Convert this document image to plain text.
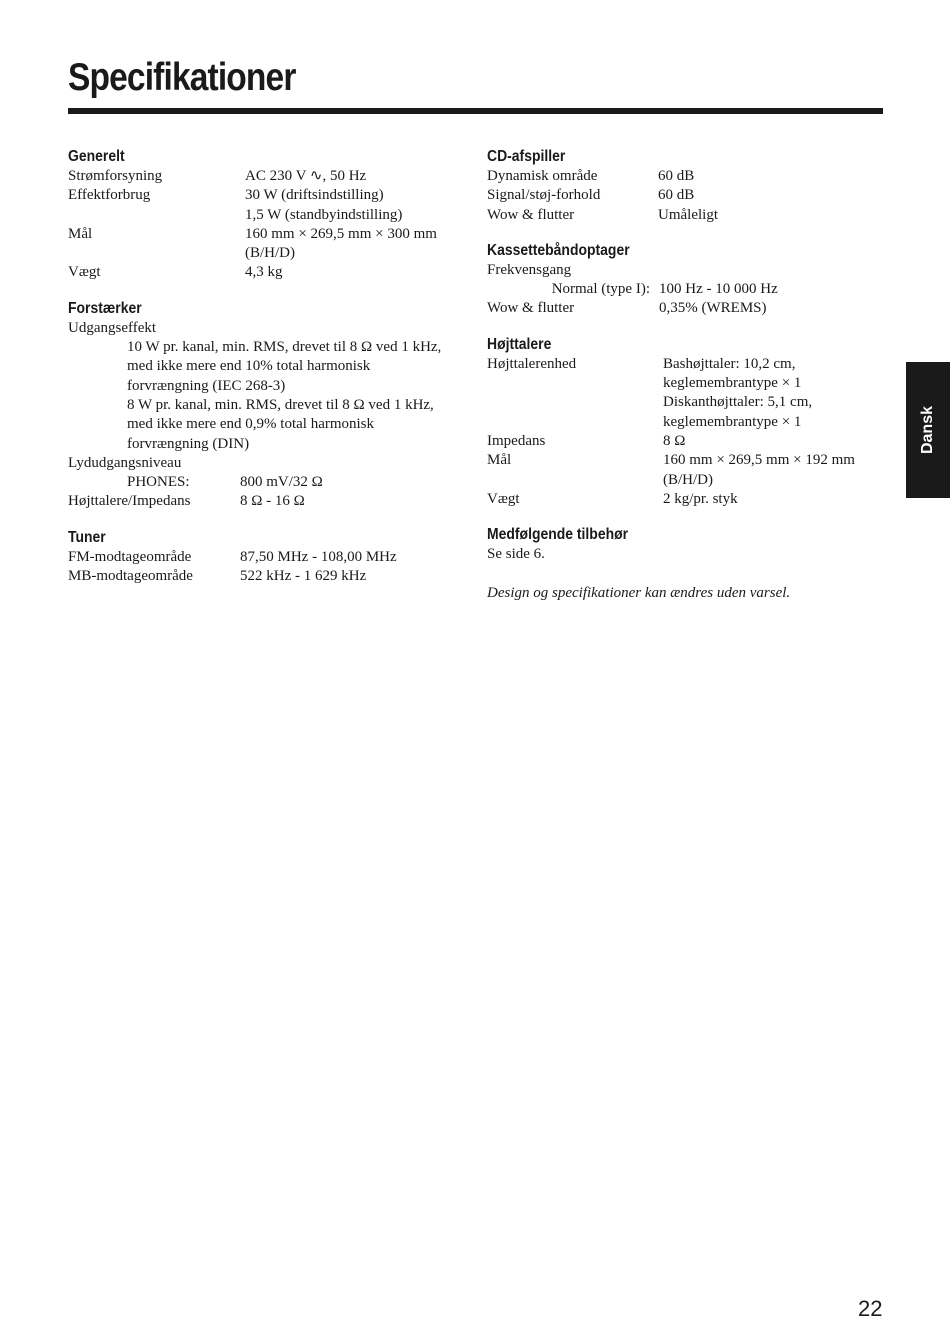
Specifikationer
Generelt
Strømforsyning	AC 230 V ∿, 50 Hz
Effektforbrug	30 W (driftsindstilling)
1,5 W (standbyindstilling)
Mål	160 mm × 269,5 mm × 300 mm
(B/H/D)
Vægt	4,3 kg
Forstærker
Udgangseffekt
10 W pr. kanal, min. RMS, drevet til 8 Ω ved 1 kHz,
med ikke mere end 10% total harmonisk
forvrængning (IEC 268-3)
8 W pr. kanal, min. RMS, drevet til 8 Ω ved 1 kHz,
med ikke mere end 0,9% total harmonisk
forvrængning (DIN)
Lydudgangsniveau
PHONES:	800 mV/32 Ω
Højttalere/Impedans	8 Ω - 16 Ω
Tuner
FM-modtageområde	87,50 MHz - 108,00 MHz
MB-modtageområde	522 kHz - 1 629 kHz
CD-afspiller
Dynamisk område	60 dB
Signal/støj-forhold	60 dB
Wow & flutter	Umåleligt
Kassettebåndoptager
Frekvensgang
Normal (type I): 100 Hz - 10 000 Hz
Wow & flutter	0,35% (WREMS)
Højttalere
Højttalerenhed	Bashøjttaler: 10,2 cm,
keglemembrantype × 1
Diskanthøjttaler: 5,1 cm,
keglemembrantype × 1
Impedans	8 Ω
Mål	160 mm × 269,5 mm × 192 mm
(B/H/D)
Vægt	2 kg/pr. styk
Medfølgende tilbehør
Se side 6.

Design og specifikationer kan ændres uden varsel.
Dansk
22
